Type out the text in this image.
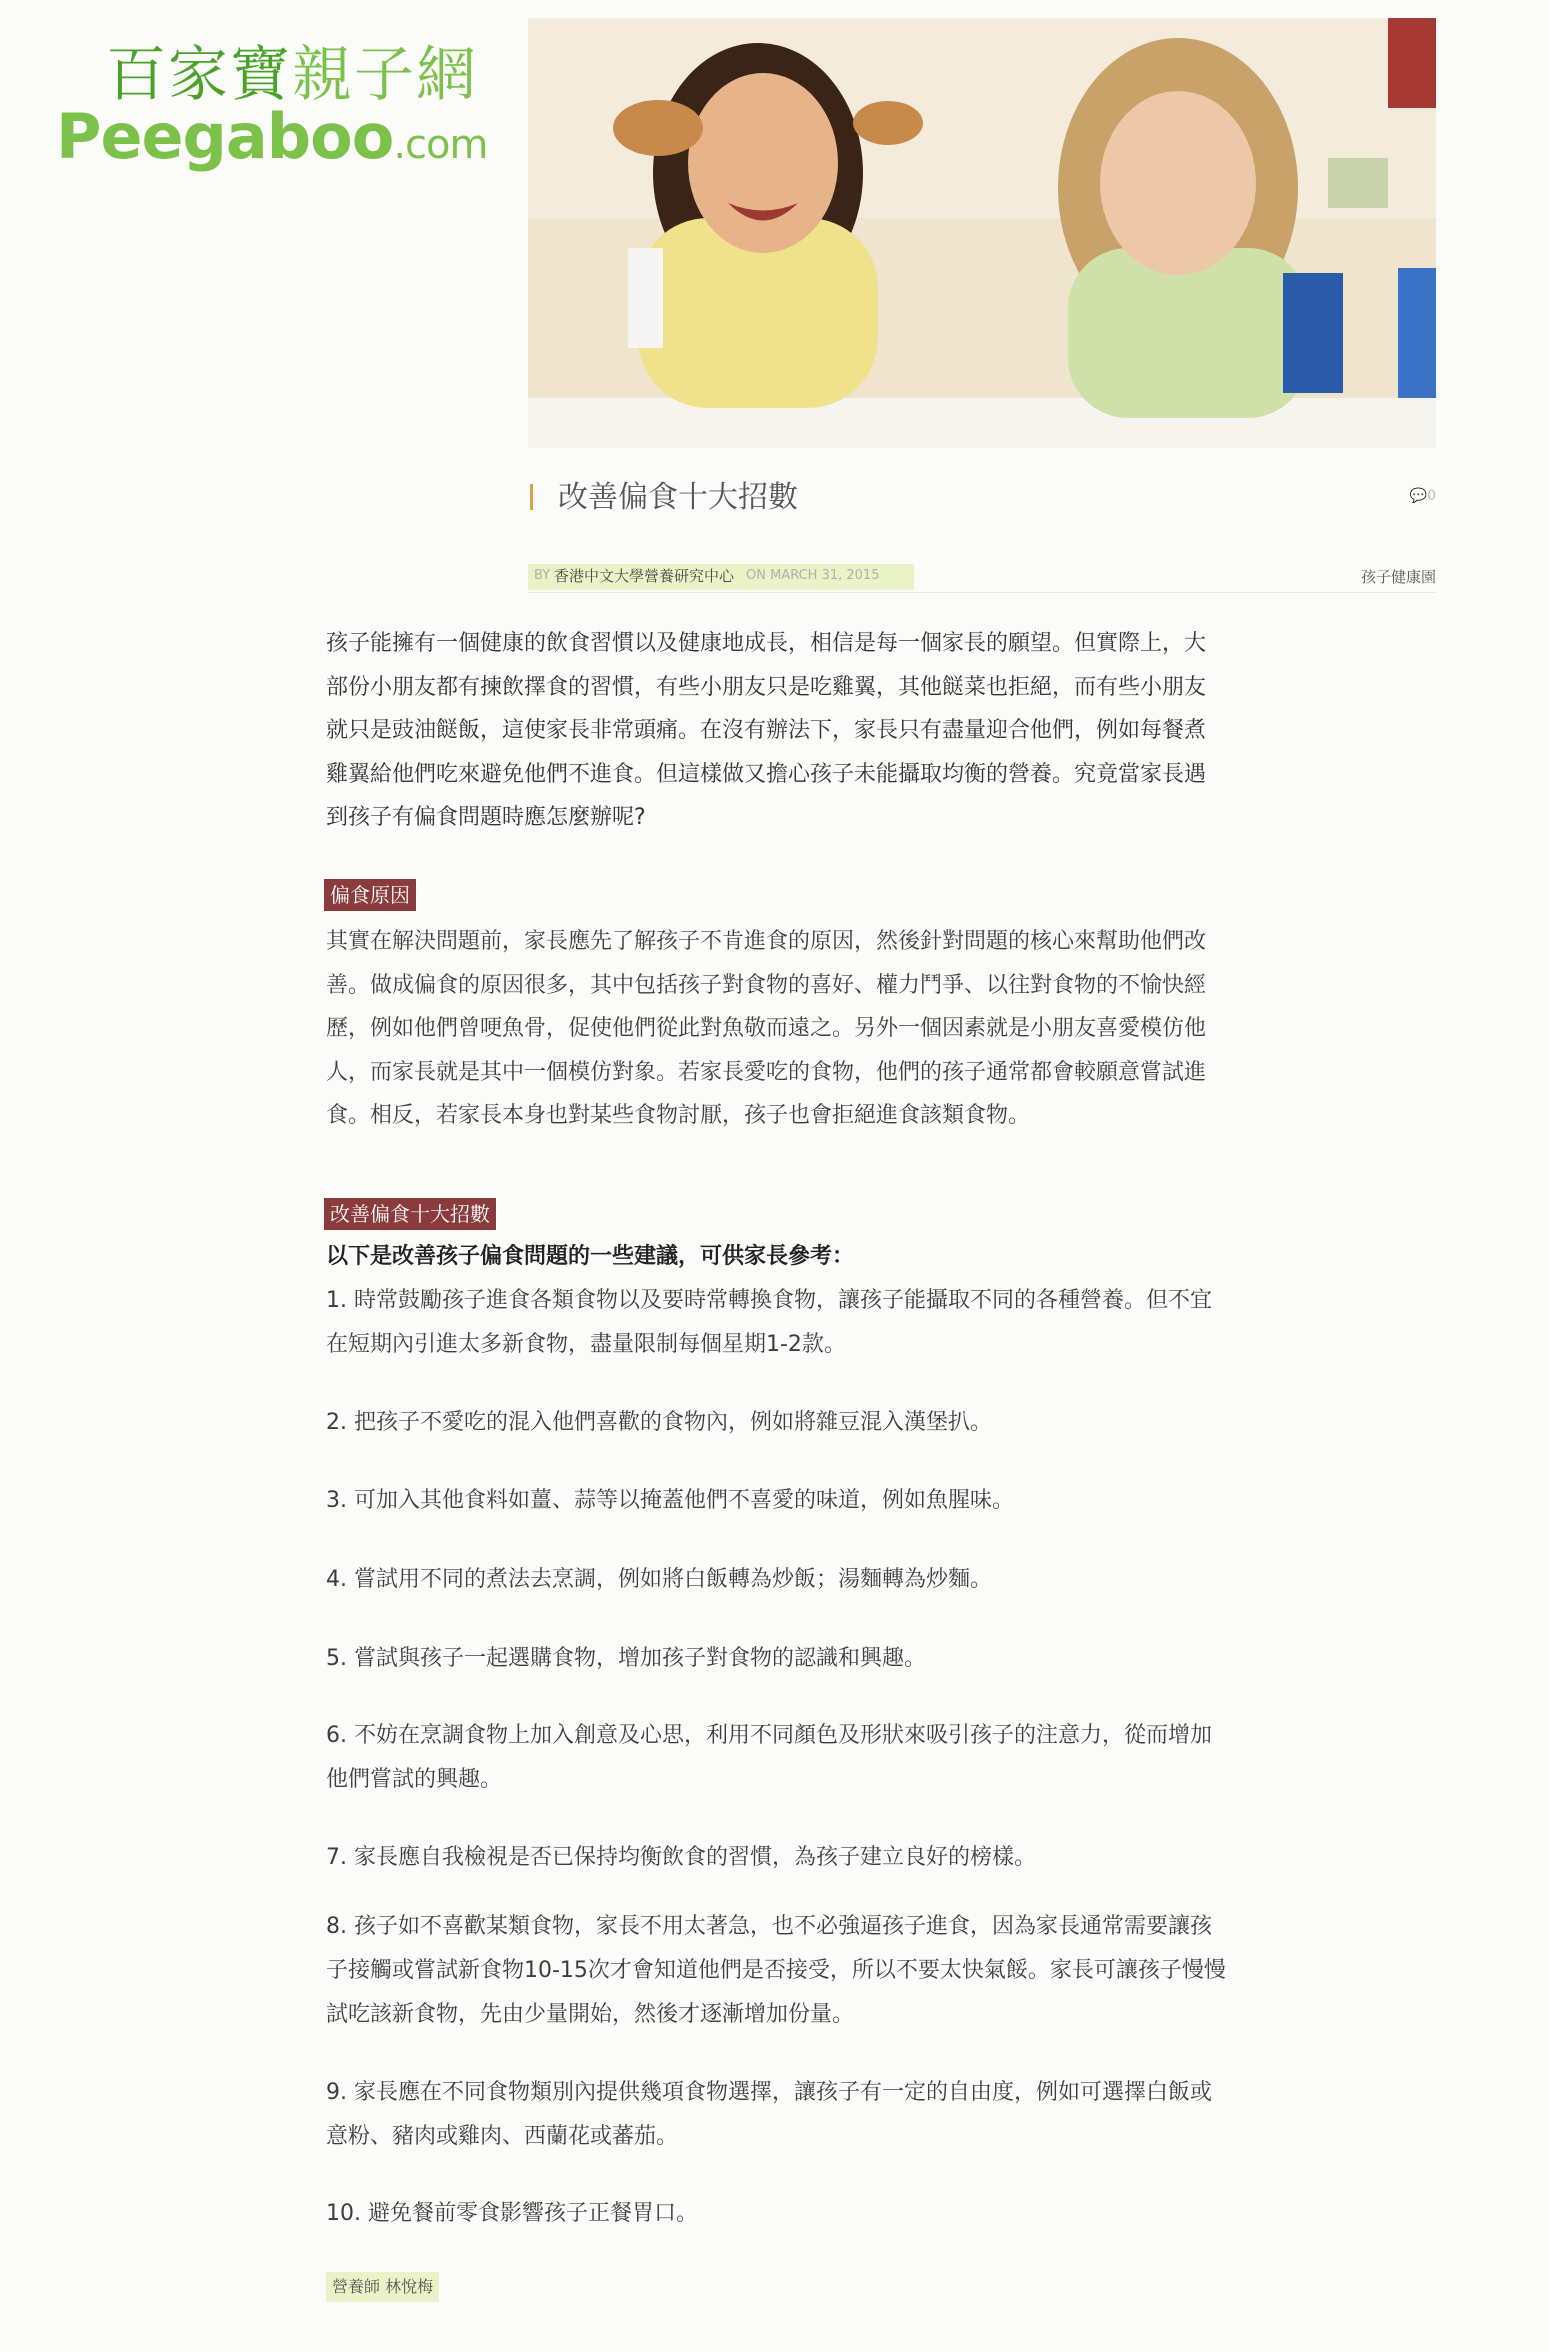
百家寶親子網
Peegaboo.com
改善偏食十大招數	💬0
BY 香港中文大學營養研究中心 ON MARCH 31, 2015	孩子健康園

孩子能擁有一個健康的飲食習慣以及健康地成長，相信是每一個家長的願望。但實際上，大部份小朋友都有揀飲擇食的習慣，有些小朋友只是吃雞翼，其他餸菜也拒絕，而有些小朋友就只是豉油餸飯，這使家長非常頭痛。在沒有辦法下，家長只有盡量迎合他們，例如每餐煮雞翼給他們吃來避免他們不進食。但這樣做又擔心孩子未能攝取均衡的營養。究竟當家長遇到孩子有偏食問題時應怎麼辦呢?

偏食原因

其實在解決問題前，家長應先了解孩子不肯進食的原因，然後針對問題的核心來幫助他們改善。做成偏食的原因很多，其中包括孩子對食物的喜好、權力鬥爭、以往對食物的不愉快經歷，例如他們曾哽魚骨，促使他們從此對魚敬而遠之。另外一個因素就是小朋友喜愛模仿他人，而家長就是其中一個模仿對象。若家長愛吃的食物，他們的孩子通常都會較願意嘗試進食。相反，若家長本身也對某些食物討厭，孩子也會拒絕進食該類食物。

改善偏食十大招數
以下是改善孩子偏食問題的一些建議，可供家長參考：

1. 時常鼓勵孩子進食各類食物以及要時常轉換食物，讓孩子能攝取不同的各種營養。但不宜在短期內引進太多新食物，盡量限制每個星期1-2款。

2. 把孩子不愛吃的混入他們喜歡的食物內，例如將雜豆混入漢堡扒。

3. 可加入其他食料如薑、蒜等以掩蓋他們不喜愛的味道，例如魚腥味。

4. 嘗試用不同的煮法去烹調，例如將白飯轉為炒飯；湯麵轉為炒麵。

5. 嘗試與孩子一起選購食物，增加孩子對食物的認識和興趣。

6. 不妨在烹調食物上加入創意及心思，利用不同顏色及形狀來吸引孩子的注意力，從而增加他們嘗試的興趣。

7. 家長應自我檢視是否已保持均衡飲食的習慣，為孩子建立良好的榜樣。

8. 孩子如不喜歡某類食物，家長不用太著急，也不必強逼孩子進食，因為家長通常需要讓孩子接觸或嘗試新食物10-15次才會知道他們是否接受，所以不要太快氣餒。家長可讓孩子慢慢試吃該新食物，先由少量開始，然後才逐漸增加份量。

9. 家長應在不同食物類別內提供幾項食物選擇，讓孩子有一定的自由度，例如可選擇白飯或意粉、豬肉或雞肉、西蘭花或蕃茄。

10. 避免餐前零食影響孩子正餐胃口。

營養師 林悅梅
